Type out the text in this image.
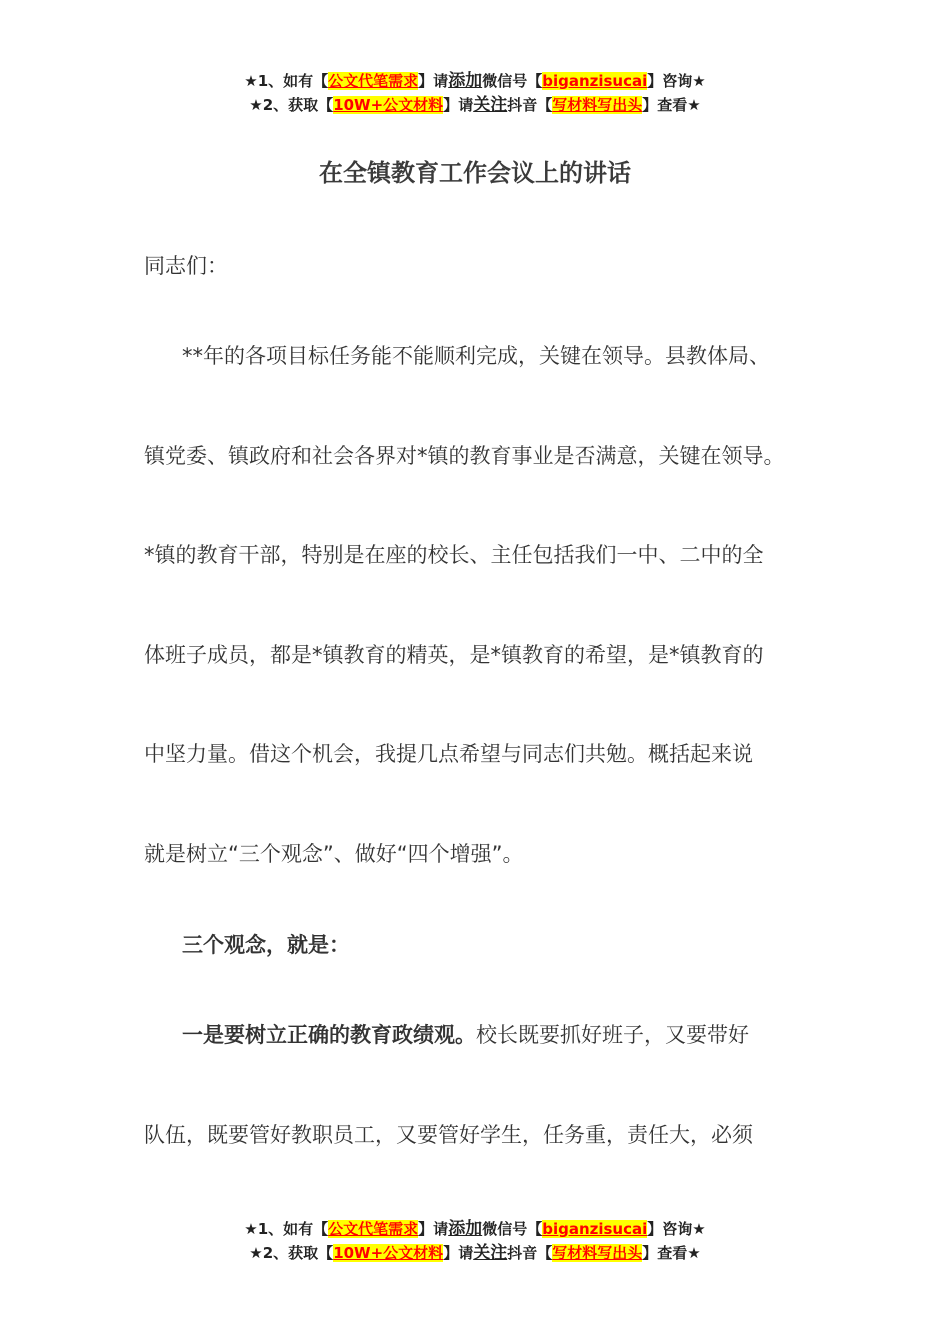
★1、如有【公文代笔需求】请添加微信号【biganzisucai】咨询★
★2、获取【10W+公文材料】请关注抖音【写材料写出头】查看★
在全镇教育工作会议上的讲话
同志们：
**年的各项目标任务能不能顺利完成，关键在领导。县教体局、
镇党委、镇政府和社会各界对*镇的教育事业是否满意，关键在领导。
*镇的教育干部，特别是在座的校长、主任包括我们一中、二中的全
体班子成员，都是*镇教育的精英，是*镇教育的希望，是*镇教育的
中坚力量。借这个机会，我提几点希望与同志们共勉。概括起来说
就是树立“三个观念”、做好“四个增强”。
三个观念，就是：
一是要树立正确的教育政绩观。校长既要抓好班子，又要带好
队伍，既要管好教职员工，又要管好学生，任务重，责任大，必须
★1、如有【公文代笔需求】请添加微信号【biganzisucai】咨询★
★2、获取【10W+公文材料】请关注抖音【写材料写出头】查看★
